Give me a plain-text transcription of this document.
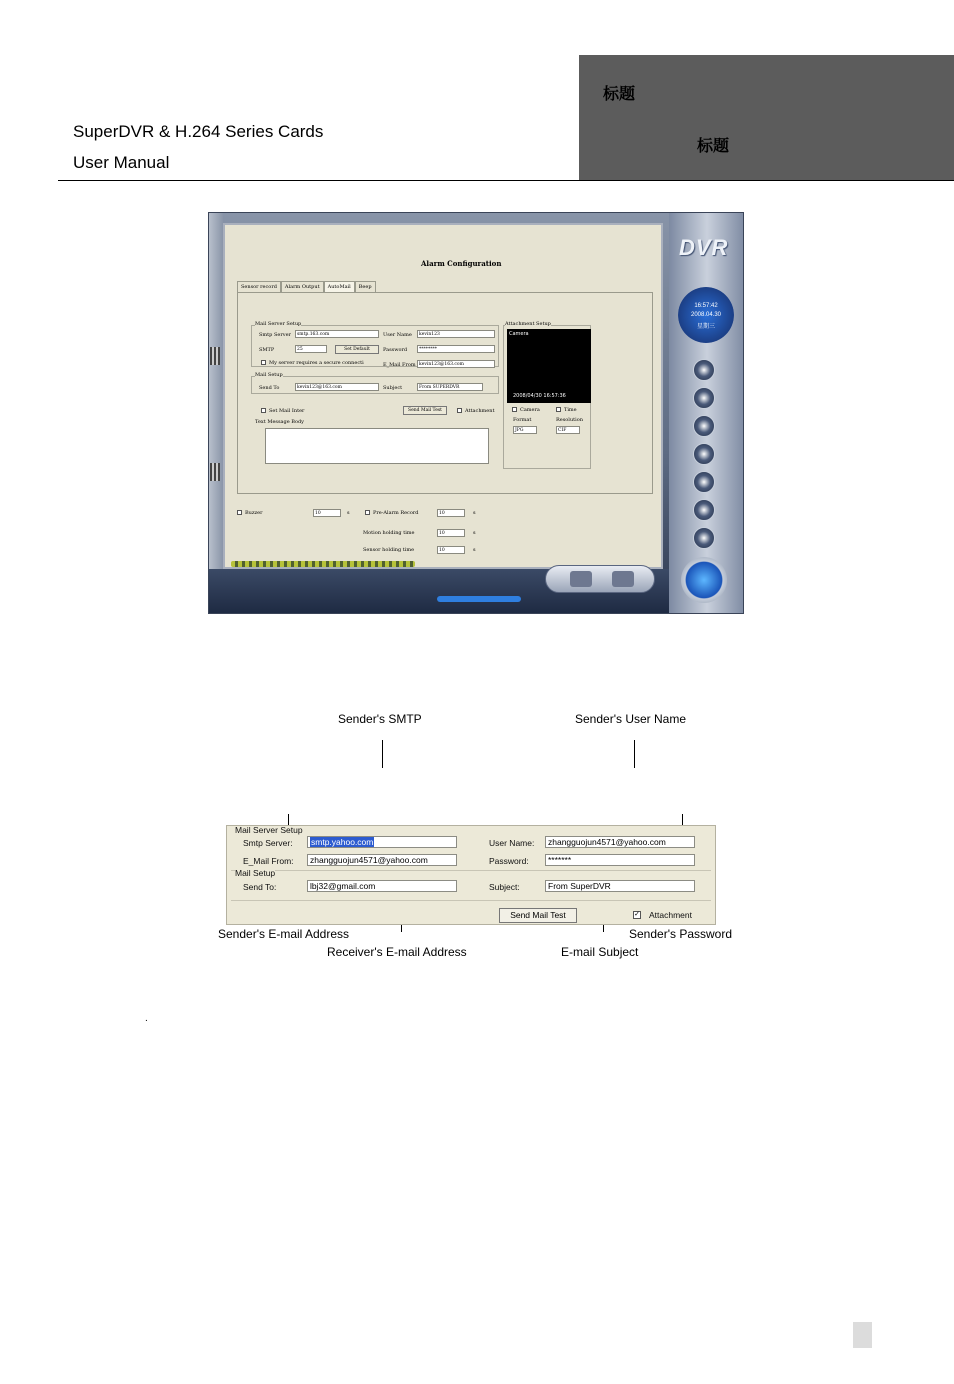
SuperDVR & H.264 Series Cards
User Manual
标题
标题
Alarm Configuration
Sensor record	Alarm Output	AutoMail	Beep
Mail Server Setup
Smtp Server	smtp.163.com	User Name	kevin123
SMTP	25	Set Default	Password	********
My server requires a secure connecti	E_Mail From kevin123@163.com
Mail Setup
Send To	kevin123@163.com	Subject	From SUPERDVR
Set Mail Inter	Send Mail Test	Attachment
Text Message Body
Attachment Setup
Camera
2008/04/30 16:57:36
Camera	Time
Format
JPG
Resolution
CIF
Buzzer	10	s	Pre-Alarm Record	10	s
Motion holding time	10	s
Sensor holding time	10	s
DVR
16:57:42
2008.04.30
星期三
Sender's SMTP	Sender's User Name
Mail Server Setup
Smtp Server:	smtp.yahoo.com	User Name:	zhangguojun4571@yahoo.com
E_Mail From:	zhangguojun4571@yahoo.com	Password:	*******
Mail Setup
Send To:	lbj32@gmail.com	Subject:	From SuperDVR
Send Mail Test	✓ Attachment
Sender's E-mail Address	Sender's Password
Receiver's E-mail Address	E-mail Subject
.
